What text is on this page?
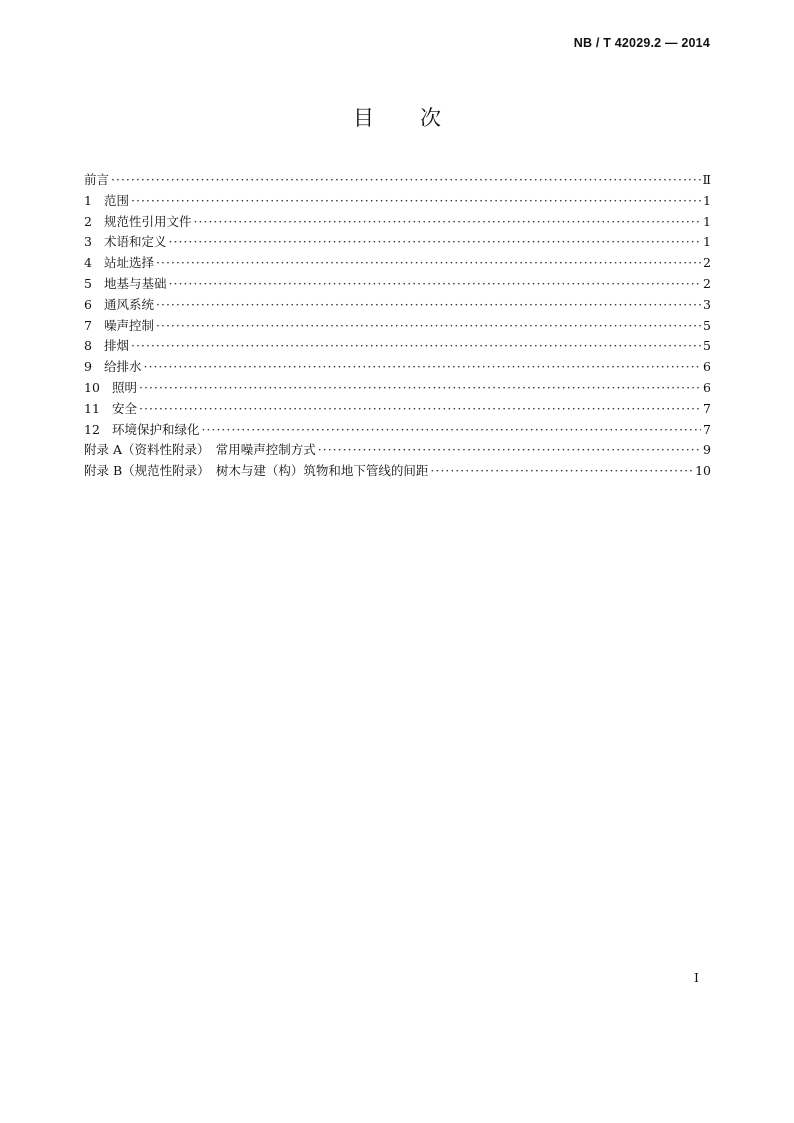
NB / T 42029.2 — 2014
目 次
前言 ·····	Ⅱ
1 范围 ·····	1
2 规范性引用文件 ·····	1
3 术语和定义 ·····	1
4 站址选择 ·····	2
5 地基与基础 ·····	2
6 通风系统 ·····	3
7 噪声控制 ·····	5
8 排烟 ·····	5
9 给排水 ·····	6
10 照明 ·····	6
11 安全 ·····	7
12 环境保护和绿化 ·····	7
附录 A（资料性附录）　常用噪声控制方式 ·····	9
附录 B（规范性附录）　树木与建（构）筑物和地下管线的间距 ·····	10
I
